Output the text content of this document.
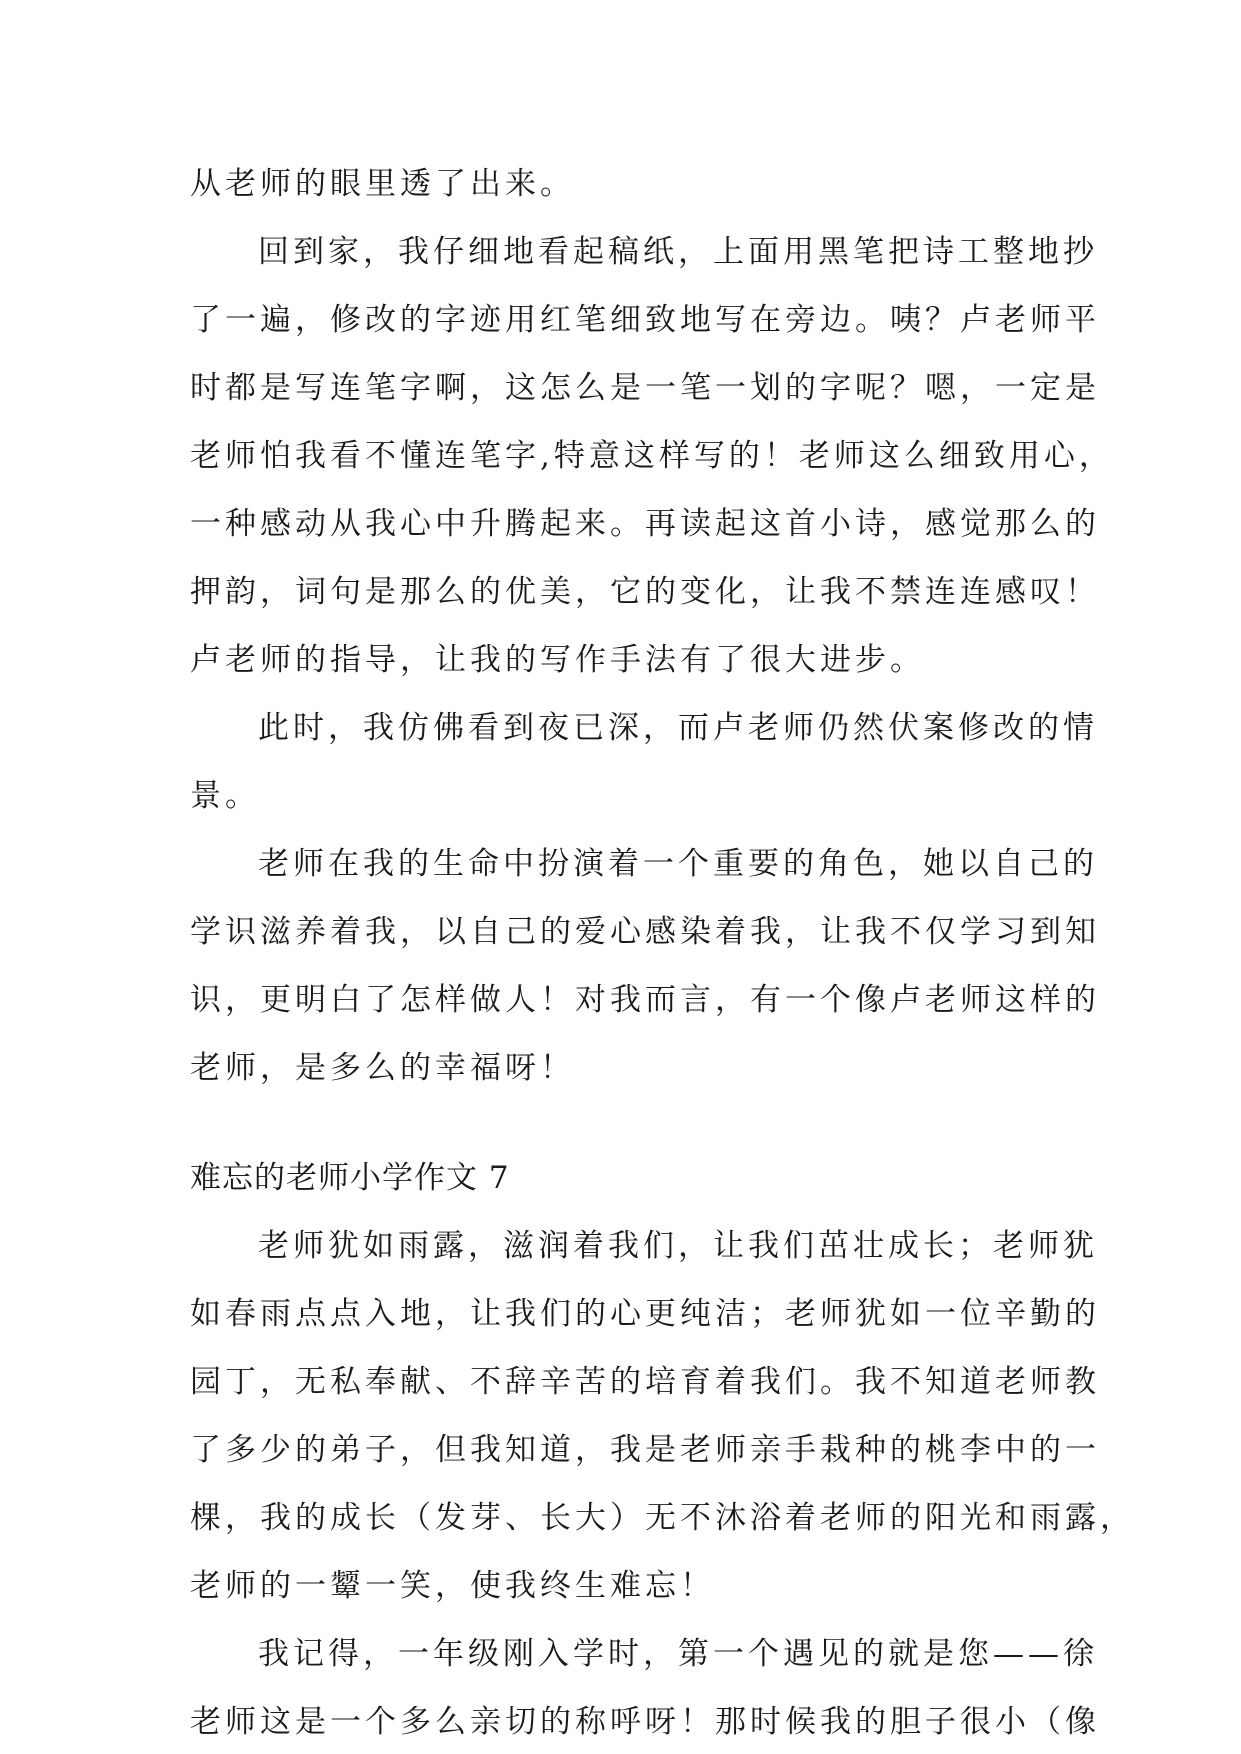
从老师的眼里透了出来。
回到家，我仔细地看起稿纸，上面用黑笔把诗工整地抄
了一遍，修改的字迹用红笔细致地写在旁边。咦？卢老师平
时都是写连笔字啊，这怎么是一笔一划的字呢？嗯，一定是
老师怕我看不懂连笔字,特意这样写的！老师这么细致用心，
一种感动从我心中升腾起来。再读起这首小诗，感觉那么的
押韵，词句是那么的优美，它的变化，让我不禁连连感叹！
卢老师的指导，让我的写作手法有了很大进步。
此时，我仿佛看到夜已深，而卢老师仍然伏案修改的情
景。
老师在我的生命中扮演着一个重要的角色，她以自己的
学识滋养着我，以自己的爱心感染着我，让我不仅学习到知
识，更明白了怎样做人！对我而言，有一个像卢老师这样的
老师，是多么的幸福呀！
难忘的老师小学作文 7
老师犹如雨露，滋润着我们，让我们茁壮成长；老师犹
如春雨点点入地，让我们的心更纯洁；老师犹如一位辛勤的
园丁，无私奉献、不辞辛苦的培育着我们。我不知道老师教
了多少的弟子，但我知道，我是老师亲手栽种的桃李中的一
棵，我的成长（发芽、长大）无不沐浴着老师的阳光和雨露，
老师的一颦一笑，使我终生难忘！
我记得，一年级刚入学时，第一个遇见的就是您——徐
老师这是一个多么亲切的称呼呀！那时候我的胆子很小（像
